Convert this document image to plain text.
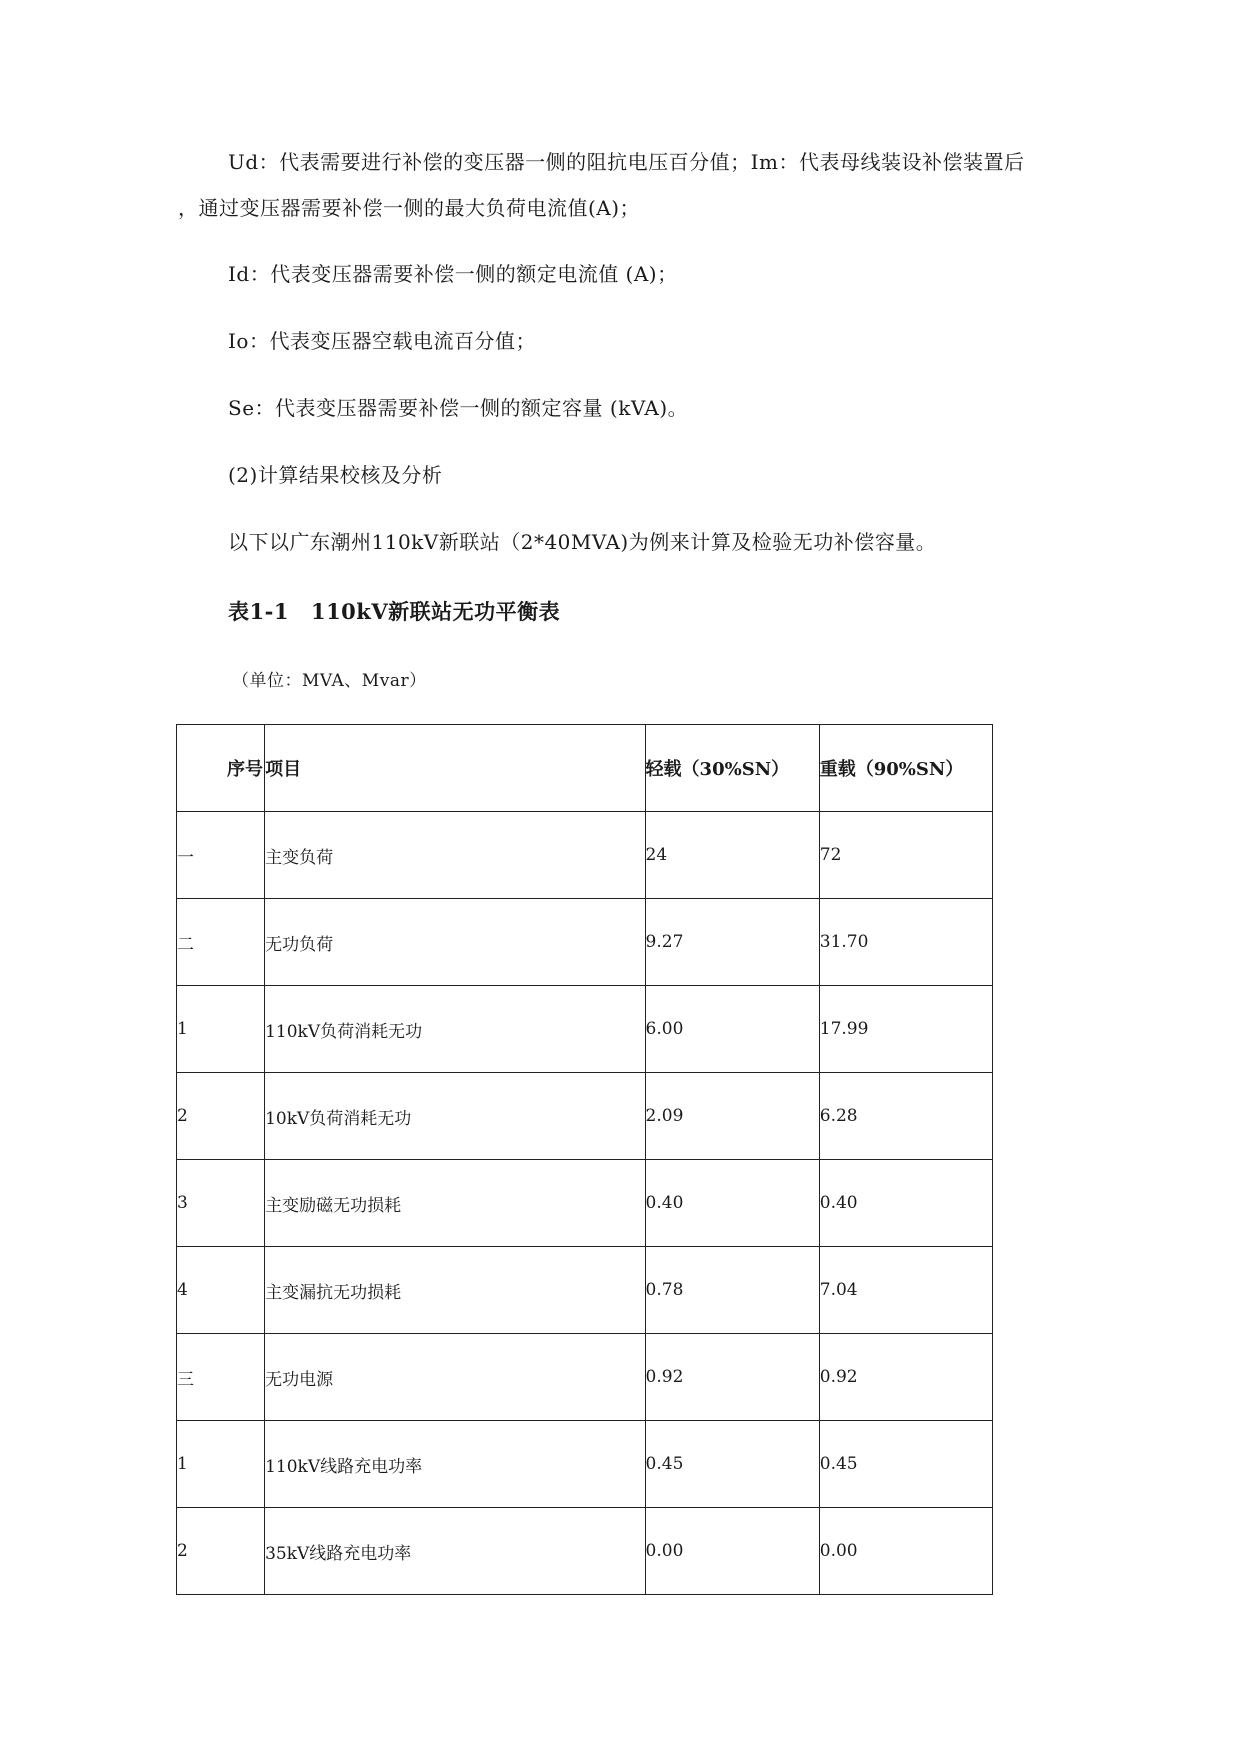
Ud：代表需要进行补偿的变压器一侧的阻抗电压百分值；Im：代表母线装设补偿装置后
，通过变压器需要补偿一侧的最大负荷电流值(A)；
Id：代表变压器需要补偿一侧的额定电流值 (A)；
Io：代表变压器空载电流百分值；
Se：代表变压器需要补偿一侧的额定容量 (kVA)。
(2)计算结果校核及分析
以下以广东潮州110kV新联站（2*40MVA)为例来计算及检验无功补偿容量。
表1-1 110kV新联站无功平衡表
（单位：MVA、Mvar）
序号	项目	轻载（30%SN）	重载（90%SN）
一	主变负荷	24	72
二	无功负荷	9.27	31.70
1	110kV负荷消耗无功	6.00	17.99
2	10kV负荷消耗无功	2.09	6.28
3	主变励磁无功损耗	0.40	0.40
4	主变漏抗无功损耗	0.78	7.04
三	无功电源	0.92	0.92
1	110kV线路充电功率	0.45	0.45
2	35kV线路充电功率	0.00	0.00
